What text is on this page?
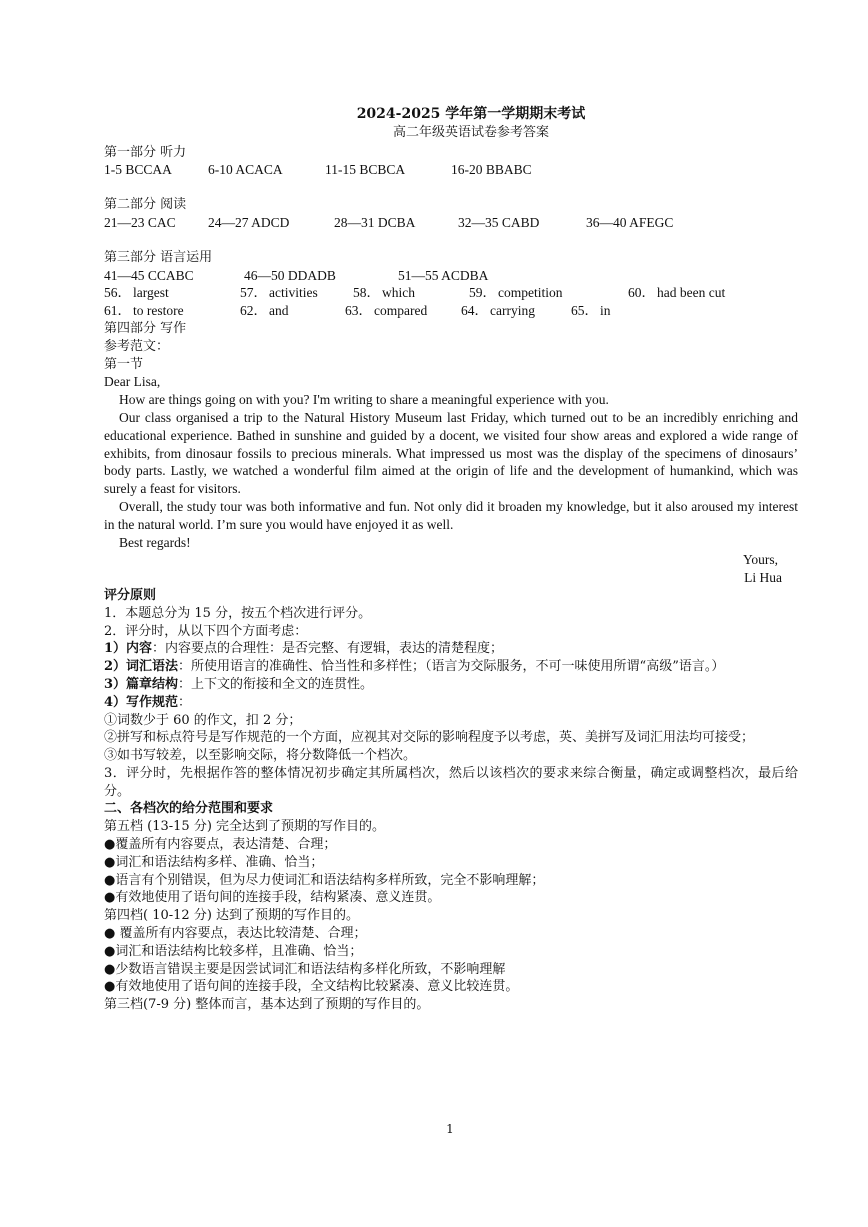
2024-2025 学年第一学期期末考试
高二年级英语试卷参考答案
第一部分 听力
1-5 BCCAA	6-10 ACACA	11-15 BCBCA	16-20 BBABC
第二部分 阅读
21—23 CAC	24—27 ADCD	28—31 DCBA	32—35 CABD	36—40 AFEGC
第三部分 语言运用
41—45 CCABC	46—50 DDADB	51—55 ACDBA
56． largest	57． activities	58． which	59． competition	60． had been cut
61． to restore	62． and	63． compared	64． carrying	65． in
第四部分 写作
参考范文：
第一节
Dear Lisa,
How are things going on with you? I'm writing to share a meaningful experience with you.
Our class organised a trip to the Natural History Museum last Friday, which turned out to be an incredibly enriching and educational experience. Bathed in sunshine and guided by a docent, we visited four show areas and explored a wide range of exhibits, from dinosaur fossils to precious minerals. What impressed us most was the display of the specimens of dinosaurs’ body parts. Lastly, we watched a wonderful film aimed at the origin of life and the development of humankind, which was surely a feast for visitors.
Overall, the study tour was both informative and fun. Not only did it broaden my knowledge, but it also aroused my interest in the natural world. I’m sure you would have enjoyed it as well.
Best regards!
Yours,
Li Hua
评分原则
1．本题总分为 15 分，按五个档次进行评分。
2．评分时，从以下四个方面考虑：
1）内容：内容要点的合理性：是否完整、有逻辑，表达的清楚程度；
2）词汇语法：所使用语言的准确性、恰当性和多样性；（语言为交际服务，不可一味使用所谓“高级”语言。）
3）篇章结构：上下文的衔接和全文的连贯性。
4）写作规范：
①词数少于 60 的作文，扣 2 分；
②拼写和标点符号是写作规范的一个方面，应视其对交际的影响程度予以考虑，英、美拼写及词汇用法均可接受；
③如书写较差，以至影响交际，将分数降低一个档次。
3．评分时，先根据作答的整体情况初步确定其所属档次，然后以该档次的要求来综合衡量，确定或调整档次，最后给分。
二、各档次的给分范围和要求
第五档 (13-15 分) 完全达到了预期的写作目的。
●覆盖所有内容要点，表达清楚、合理；
●词汇和语法结构多样、准确、恰当；
●语言有个别错误，但为尽力使词汇和语法结构多样所致，完全不影响理解；
●有效地使用了语句间的连接手段，结构紧凑、意义连贯。
第四档( 10-12 分) 达到了预期的写作目的。
● 覆盖所有内容要点，表达比较清楚、合理；
●词汇和语法结构比较多样，且准确、恰当；
●少数语言错误主要是因尝试词汇和语法结构多样化所致，不影响理解
●有效地使用了语句间的连接手段，全文结构比较紧凑、意义比较连贯。
第三档(7-9 分) 整体而言，基本达到了预期的写作目的。
1
